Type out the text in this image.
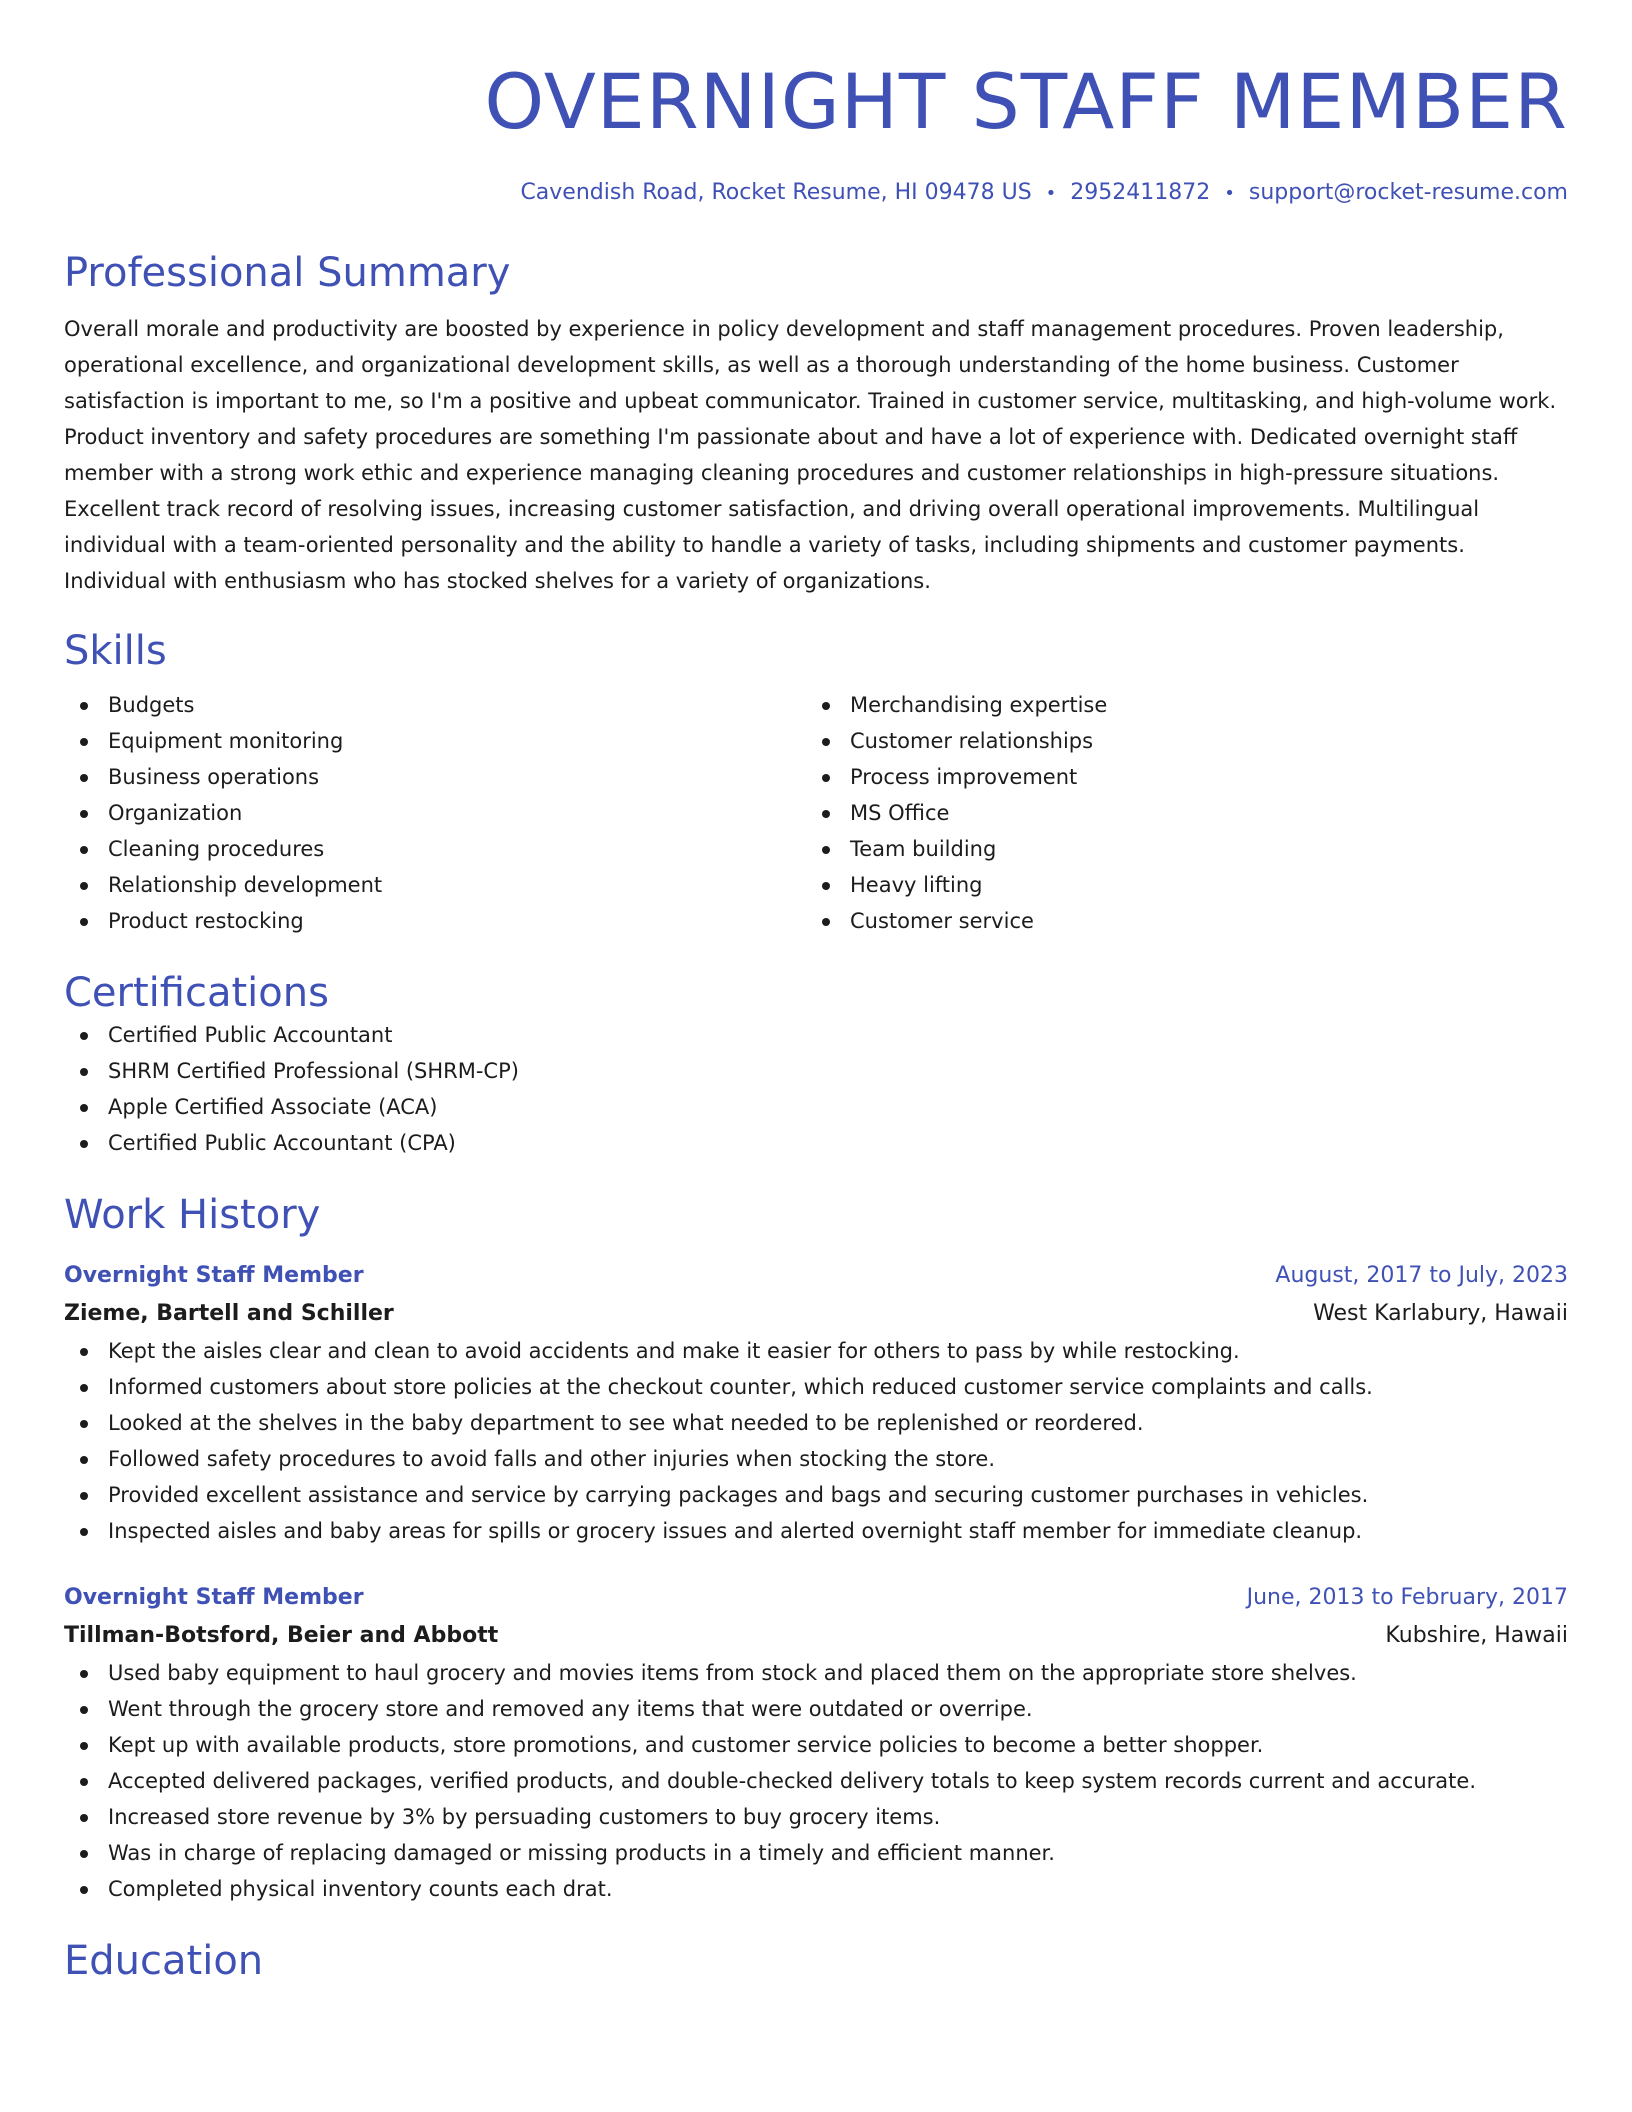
OVERNIGHT STAFF MEMBER
Cavendish Road, Rocket Resume, HI 09478 US • 2952411872 • support@rocket-resume.com
Professional Summary

Overall morale and productivity are boosted by experience in policy development and staff management procedures. Proven leadership, operational excellence, and organizational development skills, as well as a thorough understanding of the home business. Customer satisfaction is important to me, so I'm a positive and upbeat communicator. Trained in customer service, multitasking, and high-volume work. Product inventory and safety procedures are something I'm passionate about and have a lot of experience with. Dedicated overnight staff member with a strong work ethic and experience managing cleaning procedures and customer relationships in high-pressure situations. Excellent track record of resolving issues, increasing customer satisfaction, and driving overall operational improvements. Multilingual individual with a team-oriented personality and the ability to handle a variety of tasks, including shipments and customer payments. Individual with enthusiasm who has stocked shelves for a variety of organizations.

Skills
Budgets
Equipment monitoring
Business operations
Organization
Cleaning procedures
Relationship development
Product restocking
Merchandising expertise
Customer relationships
Process improvement
MS Office
Team building
Heavy lifting
Customer service
Certifications
Certified Public Accountant
SHRM Certified Professional (SHRM-CP)
Apple Certified Associate (ACA)
Certified Public Accountant (CPA)
Work History
Overnight Staff Member	August, 2017 to July, 2023
Zieme, Bartell and Schiller	West Karlabury, Hawaii
Kept the aisles clear and clean to avoid accidents and make it easier for others to pass by while restocking.
Informed customers about store policies at the checkout counter, which reduced customer service complaints and calls.
Looked at the shelves in the baby department to see what needed to be replenished or reordered.
Followed safety procedures to avoid falls and other injuries when stocking the store.
Provided excellent assistance and service by carrying packages and bags and securing customer purchases in vehicles.
Inspected aisles and baby areas for spills or grocery issues and alerted overnight staff member for immediate cleanup.
Overnight Staff Member	June, 2013 to February, 2017
Tillman-Botsford, Beier and Abbott	Kubshire, Hawaii
Used baby equipment to haul grocery and movies items from stock and placed them on the appropriate store shelves.
Went through the grocery store and removed any items that were outdated or overripe.
Kept up with available products, store promotions, and customer service policies to become a better shopper.
Accepted delivered packages, verified products, and double-checked delivery totals to keep system records current and accurate.
Increased store revenue by 3% by persuading customers to buy grocery items.
Was in charge of replacing damaged or missing products in a timely and efficient manner.
Completed physical inventory counts each drat.
Education
